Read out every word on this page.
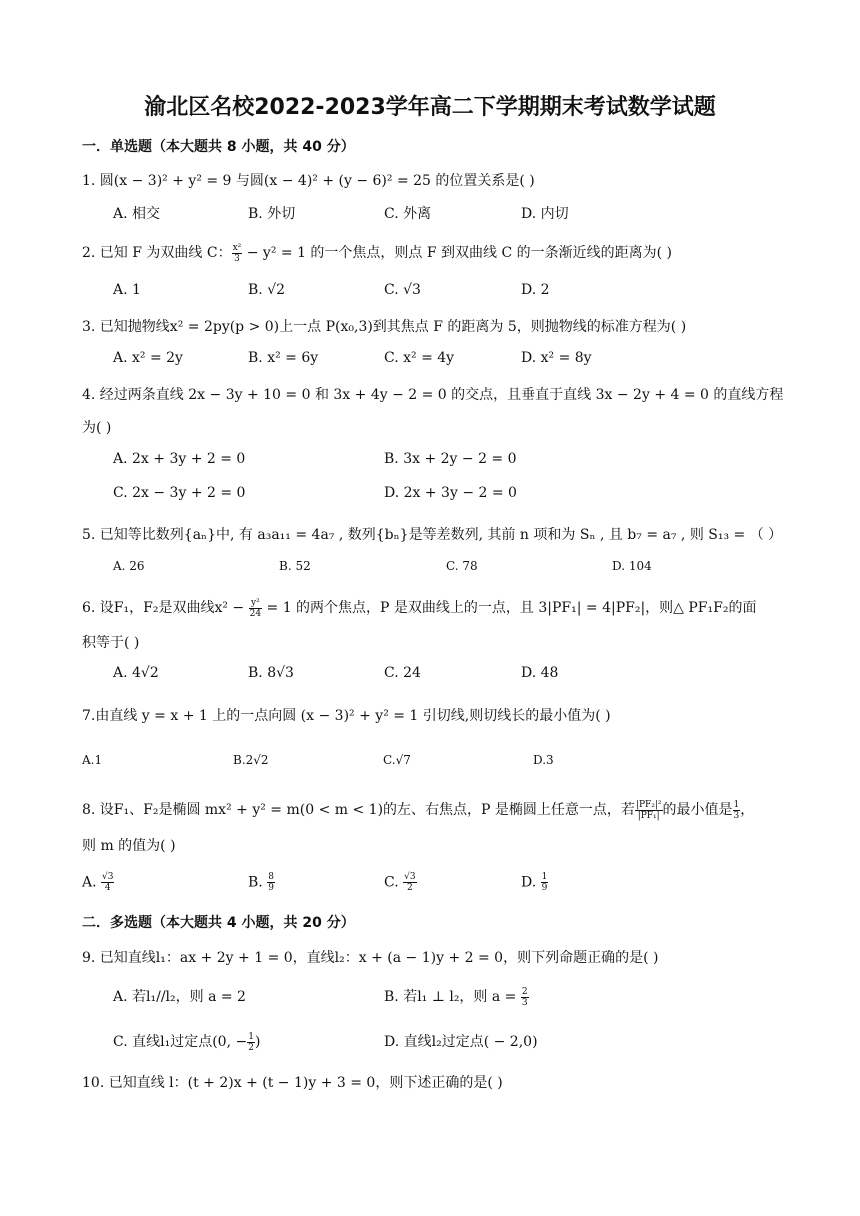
渝北区名校2022-2023学年高二下学期期末考试数学试题
一．单选题（本大题共 8 小题，共 40 分）
1. 圆(x − 3)² + y² = 9 与圆(x − 4)² + (y − 6)² = 25 的位置关系是( )
A. 相交	B. 外切	C. 外离	D. 内切
2. 已知 F 为双曲线 C： $\frac{\text{x²}}{3} - y^2 = 1$ 的一个焦点，则点 F 到双曲线 C 的一条渐近线的距离为( )
A. 1	B. √2	C. √3	D. 2
3. 已知抛物线x² = 2py(p > 0)上一点 P(x₀,3)到其焦点 F 的距离为 5，则抛物线的标准方程为( )
A. x² = 2y	B. x² = 6y	C. x² = 4y	D. x² = 8y
4. 经过两条直线 2x − 3y + 10 = 0 和 3x + 4y − 2 = 0 的交点，且垂直于直线 3x − 2y + 4 = 0 的直线方程
为( )
A. 2x + 3y + 2 = 0	B. 3x + 2y − 2 = 0
C. 2x − 3y + 2 = 0	D. 2x + 3y − 2 = 0
5. 已知等比数列{aₙ}中, 有 a₃a₁₁ = 4a₇ , 数列{bₙ}是等差数列, 其前 n 项和为 Sₙ , 且 b₇ = a₇ , 则 S₁₃ = （ ）
A. 26	B. 52	C. 78	D. 104
6. 设F₁，F₂是双曲线$x^2 - \frac{\text{y²}}{24} = 1$ 的两个焦点，P 是双曲线上的一点，且 3|PF₁| = 4|PF₂|，则△ PF₁F₂的面
积等于( )
A. 4√2	B. 8√3	C. 24	D. 48
7.由直线 y = x + 1 上的一点向圆 (x − 3)² + y² = 1 引切线,则切线长的最小值为( )
A.1	B.2√2	C.√7	D.3
8. 设F₁、F₂是椭圆 mx² + y² = m(0 < m < 1)的左、右焦点，P 是椭圆上任意一点，若 $\frac{\text{|PF₂|²}}{\text{|PF₁|}}$ 的最小值是 $\frac{1}{3}$ ，
则 m 的值为( )
A. $\frac{√3}{4}$	B. $\frac{8}{9}$	C. $\frac{√3}{2}$	D. $\frac{1}{9}$
二．多选题（本大题共 4 小题，共 20 分）
9. 已知直线l₁：ax + 2y + 1 = 0，直线l₂：x + (a − 1)y + 2 = 0，则下列命题正确的是( )
A. 若l₁//l₂，则 a = 2	B. 若l₁ ⊥ l₂，则 $a = \frac{2}{3}$
C. 直线l₁过定点(0, − $\frac{1}{2}$ )	D. 直线l₂过定点( − 2,0)
10. 已知直线 l：(t + 2)x + (t − 1)y + 3 = 0，则下述正确的是( )
